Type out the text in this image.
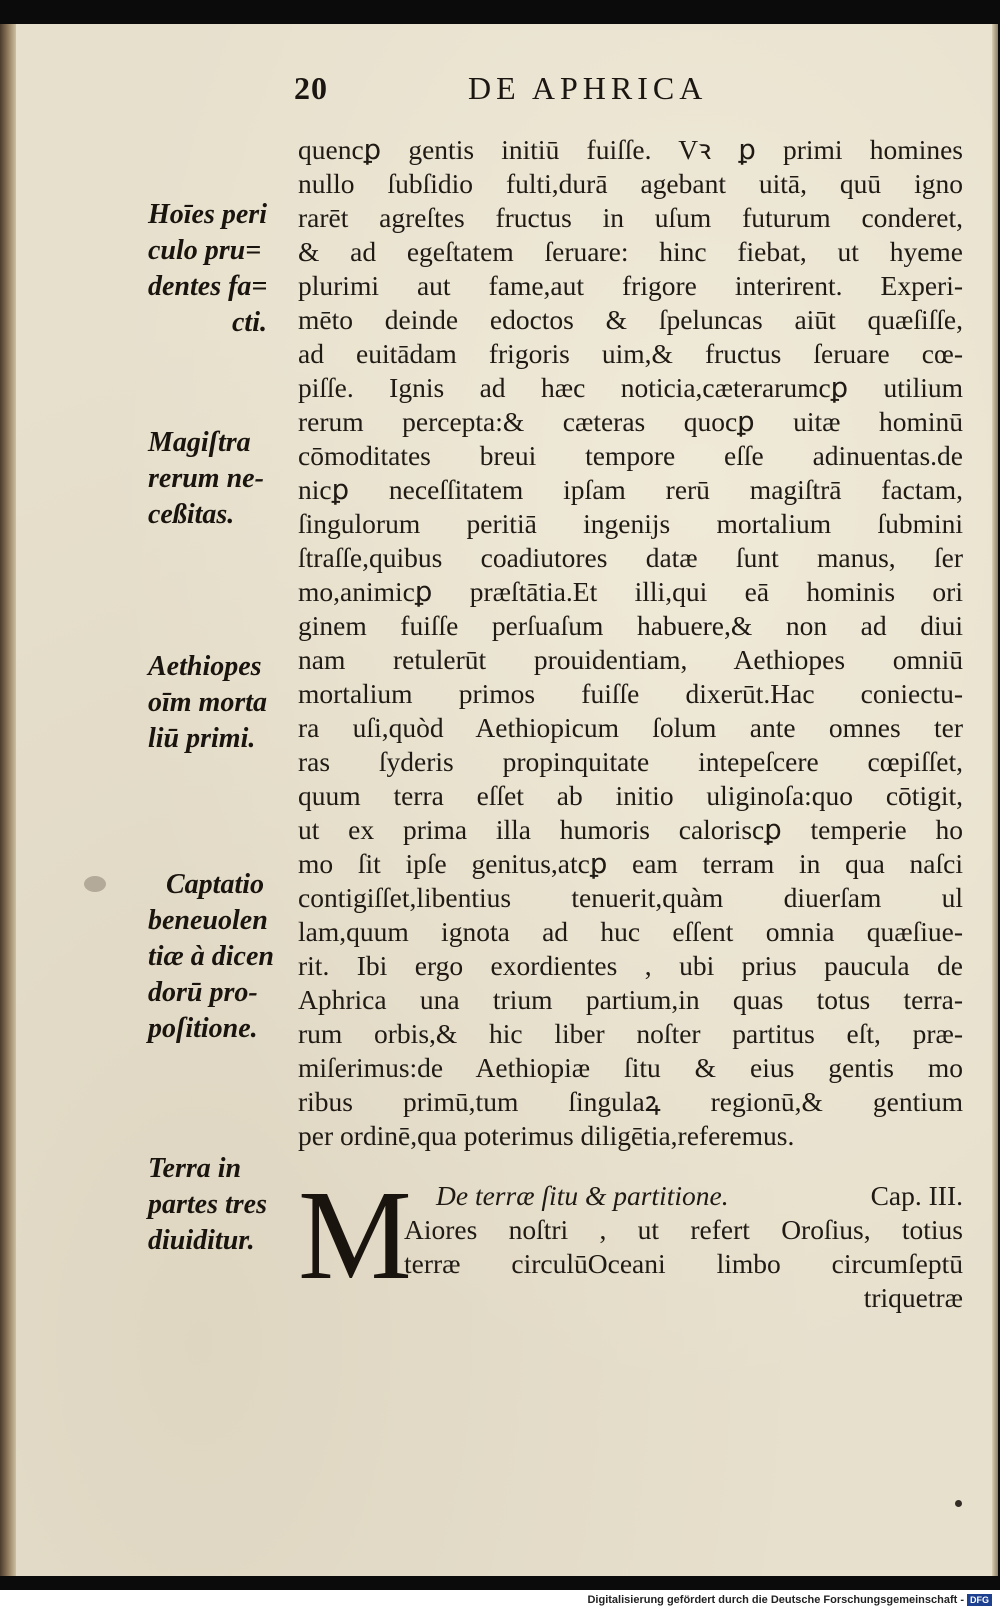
20	DE APHRICA
quencꝑ gentis initiū fuiſſe. Vꝛ ꝑ primi homines
nullo ſubſidio fulti,durā agebant uitā, quū igno
rarēt agreſtes fructus in uſum futurum conderet,
& ad egeſtatem ſeruare: hinc fiebat, ut hyeme
plurimi aut fame,aut frigore interirent. Experi-
mēto deinde edoctos & ſpeluncas aiūt quæſiſſe,
ad euitādam frigoris uim,& fructus ſeruare cœ-
piſſe. Ignis ad hæc noticia,cæterarumcꝑ utilium
rerum percepta:& cæteras quocꝑ uitæ hominū
cōmoditates breui tempore eſſe adinuentas.de
nicꝑ neceſſitatem ipſam rerū magiſtrā factam,
ſingulorum peritiā ingenijs mortalium ſubmini
ſtraſſe,quibus coadiutores datæ ſunt manus, ſer
mo,animicꝑ præſtātia.Et illi,qui eā hominis ori
ginem fuiſſe perſuaſum habuere,& non ad diui
nam retulerūt prouidentiam, Aethiopes omniū
mortalium primos fuiſſe dixerūt.Hac coniectu-
ra uſi,quòd Aethiopicum ſolum ante omnes ter
ras ſyderis propinquitate intepeſcere cœpiſſet,
quum terra eſſet ab initio uliginoſa:quo cōtigit,
ut ex prima illa humoris caloriscꝑ temperie ho
mo ſit ipſe genitus,atcꝑ eam terram in qua naſci
contigiſſet,libentius tenuerit,quàm diuerſam ul
lam,quum ignota ad huc eſſent omnia quæſiue-
rit. Ibi ergo exordientes , ubi prius paucula de
Aphrica una trium partium,in quas totus terra-
rum orbis,& hic liber noſter partitus eſt, præ-
miſerimus:de Aethiopiæ ſitu & eius gentis mo
ribus primū,tum ſingulaꝝ regionū,& gentium
per ordinē,qua poterimus diligētia,referemus.
De terræ ſitu & partitione.	Cap. III.
M
Aiores noſtri , ut refert Oroſius, totius
terræ circulūOceani limbo circumſeptū
triquetræ
Hoīes peri
culo pru=
dentes fa=
cti.
Magiſtra
rerum ne-
ceßitas.
Aethiopes
oīm morta
liū primi.
Captatio
beneuolen
tiæ à dicen
dorū pro-
poſitione.
Terra in
partes tres
diuiditur.
Digitalisierung gefördert durch die Deutsche Forschungsgemeinschaft - DFG
